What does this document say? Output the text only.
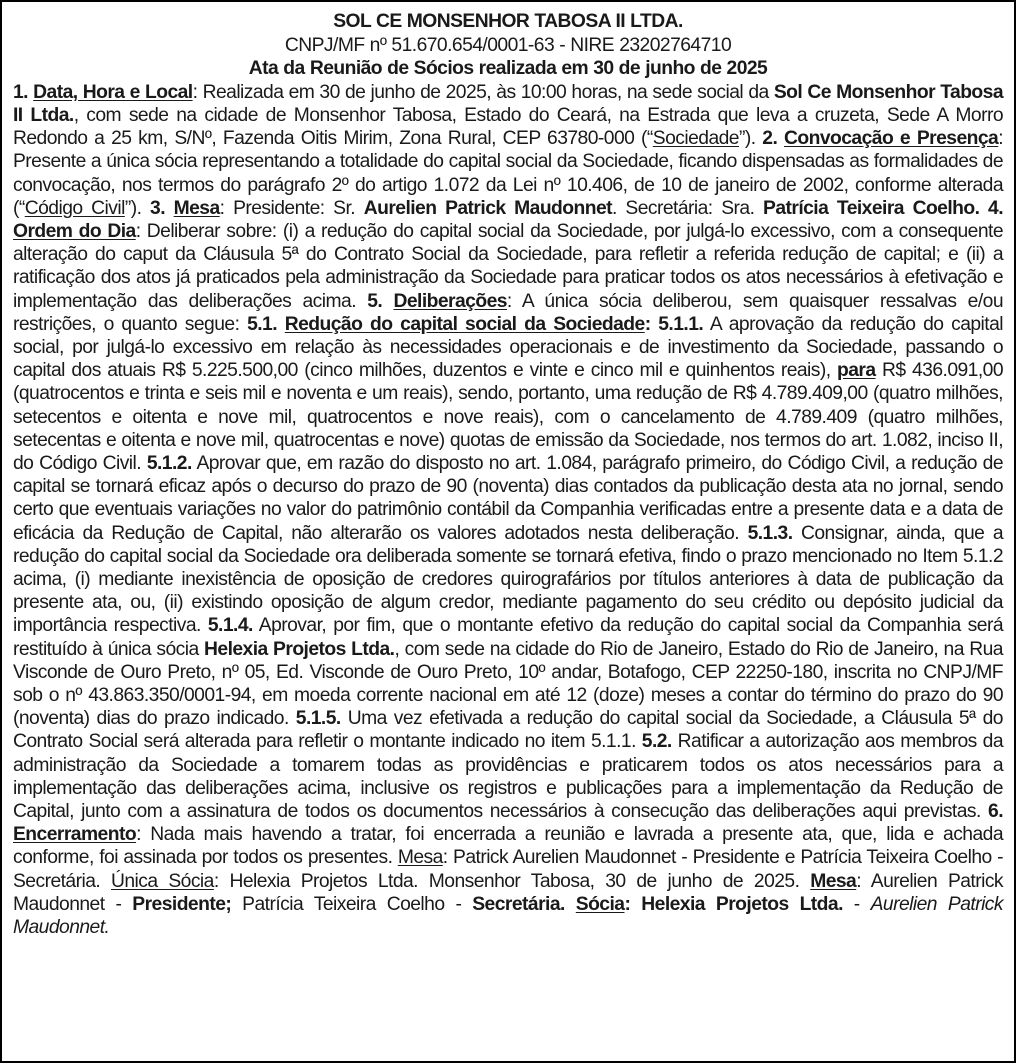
SOL CE MONSENHOR TABOSA II LTDA.
CNPJ/MF nº 51.670.654/0001-63 - NIRE 23202764710
Ata da Reunião de Sócios realizada em 30 de junho de 2025
1. Data, Hora e Local: Realizada em 30 de junho de 2025, às 10:00 horas, na sede social da Sol Ce Monsenhor Tabosa II Ltda., com sede na cidade de Monsenhor Tabosa, Estado do Ceará, na Estrada que leva a cruzeta, Sede A Morro Redondo a 25 km, S/Nº, Fazenda Oitis Mirim, Zona Rural, CEP 63780-000 (“Sociedade”). 2. Convocação e Presença: Presente a única sócia representando a totalidade do capital social da Sociedade, ficando dispensadas as formalidades de convocação, nos termos do parágrafo 2º do artigo 1.072 da Lei nº 10.406, de 10 de janeiro de 2002, conforme alterada (“Código Civil”). 3. Mesa: Presidente: Sr. Aurelien Patrick Maudonnet. Secretária: Sra. Patrícia Teixeira Coelho. 4. Ordem do Dia: Deliberar sobre: (i) a redução do capital social da Sociedade, por julgá-lo excessivo, com a consequente alteração do caput da Cláusula 5ª do Contrato Social da Sociedade, para refletir a referida redução de capital; e (ii) a ratificação dos atos já praticados pela administração da Sociedade para praticar todos os atos necessários à efetivação e implementação das deliberações acima. 5. Deliberações: A única sócia deliberou, sem quaisquer ressalvas e/ou restrições, o quanto segue: 5.1. Redução do capital social da Sociedade: 5.1.1. A aprovação da redução do capital social, por julgá-lo excessivo em relação às necessidades operacionais e de investimento da Sociedade, passando o capital dos atuais R$ 5.225.500,00 (cinco milhões, duzentos e vinte e cinco mil e quinhentos reais), para R$ 436.091,00 (quatrocentos e trinta e seis mil e noventa e um reais), sendo, portanto, uma redução de R$ 4.789.409,00 (quatro milhões, setecentos e oitenta e nove mil, quatrocentos e nove reais), com o cancelamento de 4.789.409 (quatro milhões, setecentas e oitenta e nove mil, quatrocentas e nove) quotas de emissão da Sociedade, nos termos do art. 1.082, inciso II, do Código Civil. 5.1.2. Aprovar que, em razão do disposto no art. 1.084, parágrafo primeiro, do Código Civil, a redução de capital se tornará eficaz após o decurso do prazo de 90 (noventa) dias contados da publicação desta ata no jornal, sendo certo que eventuais variações no valor do patrimônio contábil da Companhia verificadas entre a presente data e a data de eficácia da Redução de Capital, não alterarão os valores adotados nesta deliberação. 5.1.3. Consignar, ainda, que a redução do capital social da Sociedade ora deliberada somente se tornará efetiva, findo o prazo mencionado no Item 5.1.2 acima, (i) mediante inexistência de oposição de credores quirografários por títulos anteriores à data de publicação da presente ata, ou, (ii) existindo oposição de algum credor, mediante pagamento do seu crédito ou depósito judicial da importância respectiva. 5.1.4. Aprovar, por fim, que o montante efetivo da redução do capital social da Companhia será restituído à única sócia Helexia Projetos Ltda., com sede na cidade do Rio de Janeiro, Estado do Rio de Janeiro, na Rua Visconde de Ouro Preto, nº 05, Ed. Visconde de Ouro Preto, 10º andar, Botafogo, CEP 22250-180, inscrita no CNPJ/MF sob o nº 43.863.350/0001-94, em moeda corrente nacional em até 12 (doze) meses a contar do término do prazo do 90 (noventa) dias do prazo indicado. 5.1.5. Uma vez efetivada a redução do capital social da Sociedade, a Cláusula 5ª do Contrato Social será alterada para refletir o montante indicado no item 5.1.1. 5.2. Ratificar a autorização aos membros da administração da Sociedade a tomarem todas as providências e praticarem todos os atos necessários para a implementação das deliberações acima, inclusive os registros e publicações para a implementação da Redução de Capital, junto com a assinatura de todos os documentos necessários à consecução das deliberações aqui previstas. 6. Encerramento: Nada mais havendo a tratar, foi encerrada a reunião e lavrada a presente ata, que, lida e achada conforme, foi assinada por todos os presentes. Mesa: Patrick Aurelien Maudonnet - Presidente e Patrícia Teixeira Coelho - Secretária. Única Sócia: Helexia Projetos Ltda. Monsenhor Tabosa, 30 de junho de 2025. Mesa: Aurelien Patrick Maudonnet - Presidente; Patrícia Teixeira Coelho - Secretária. Sócia: Helexia Projetos Ltda. - Aurelien Patrick Maudonnet.
